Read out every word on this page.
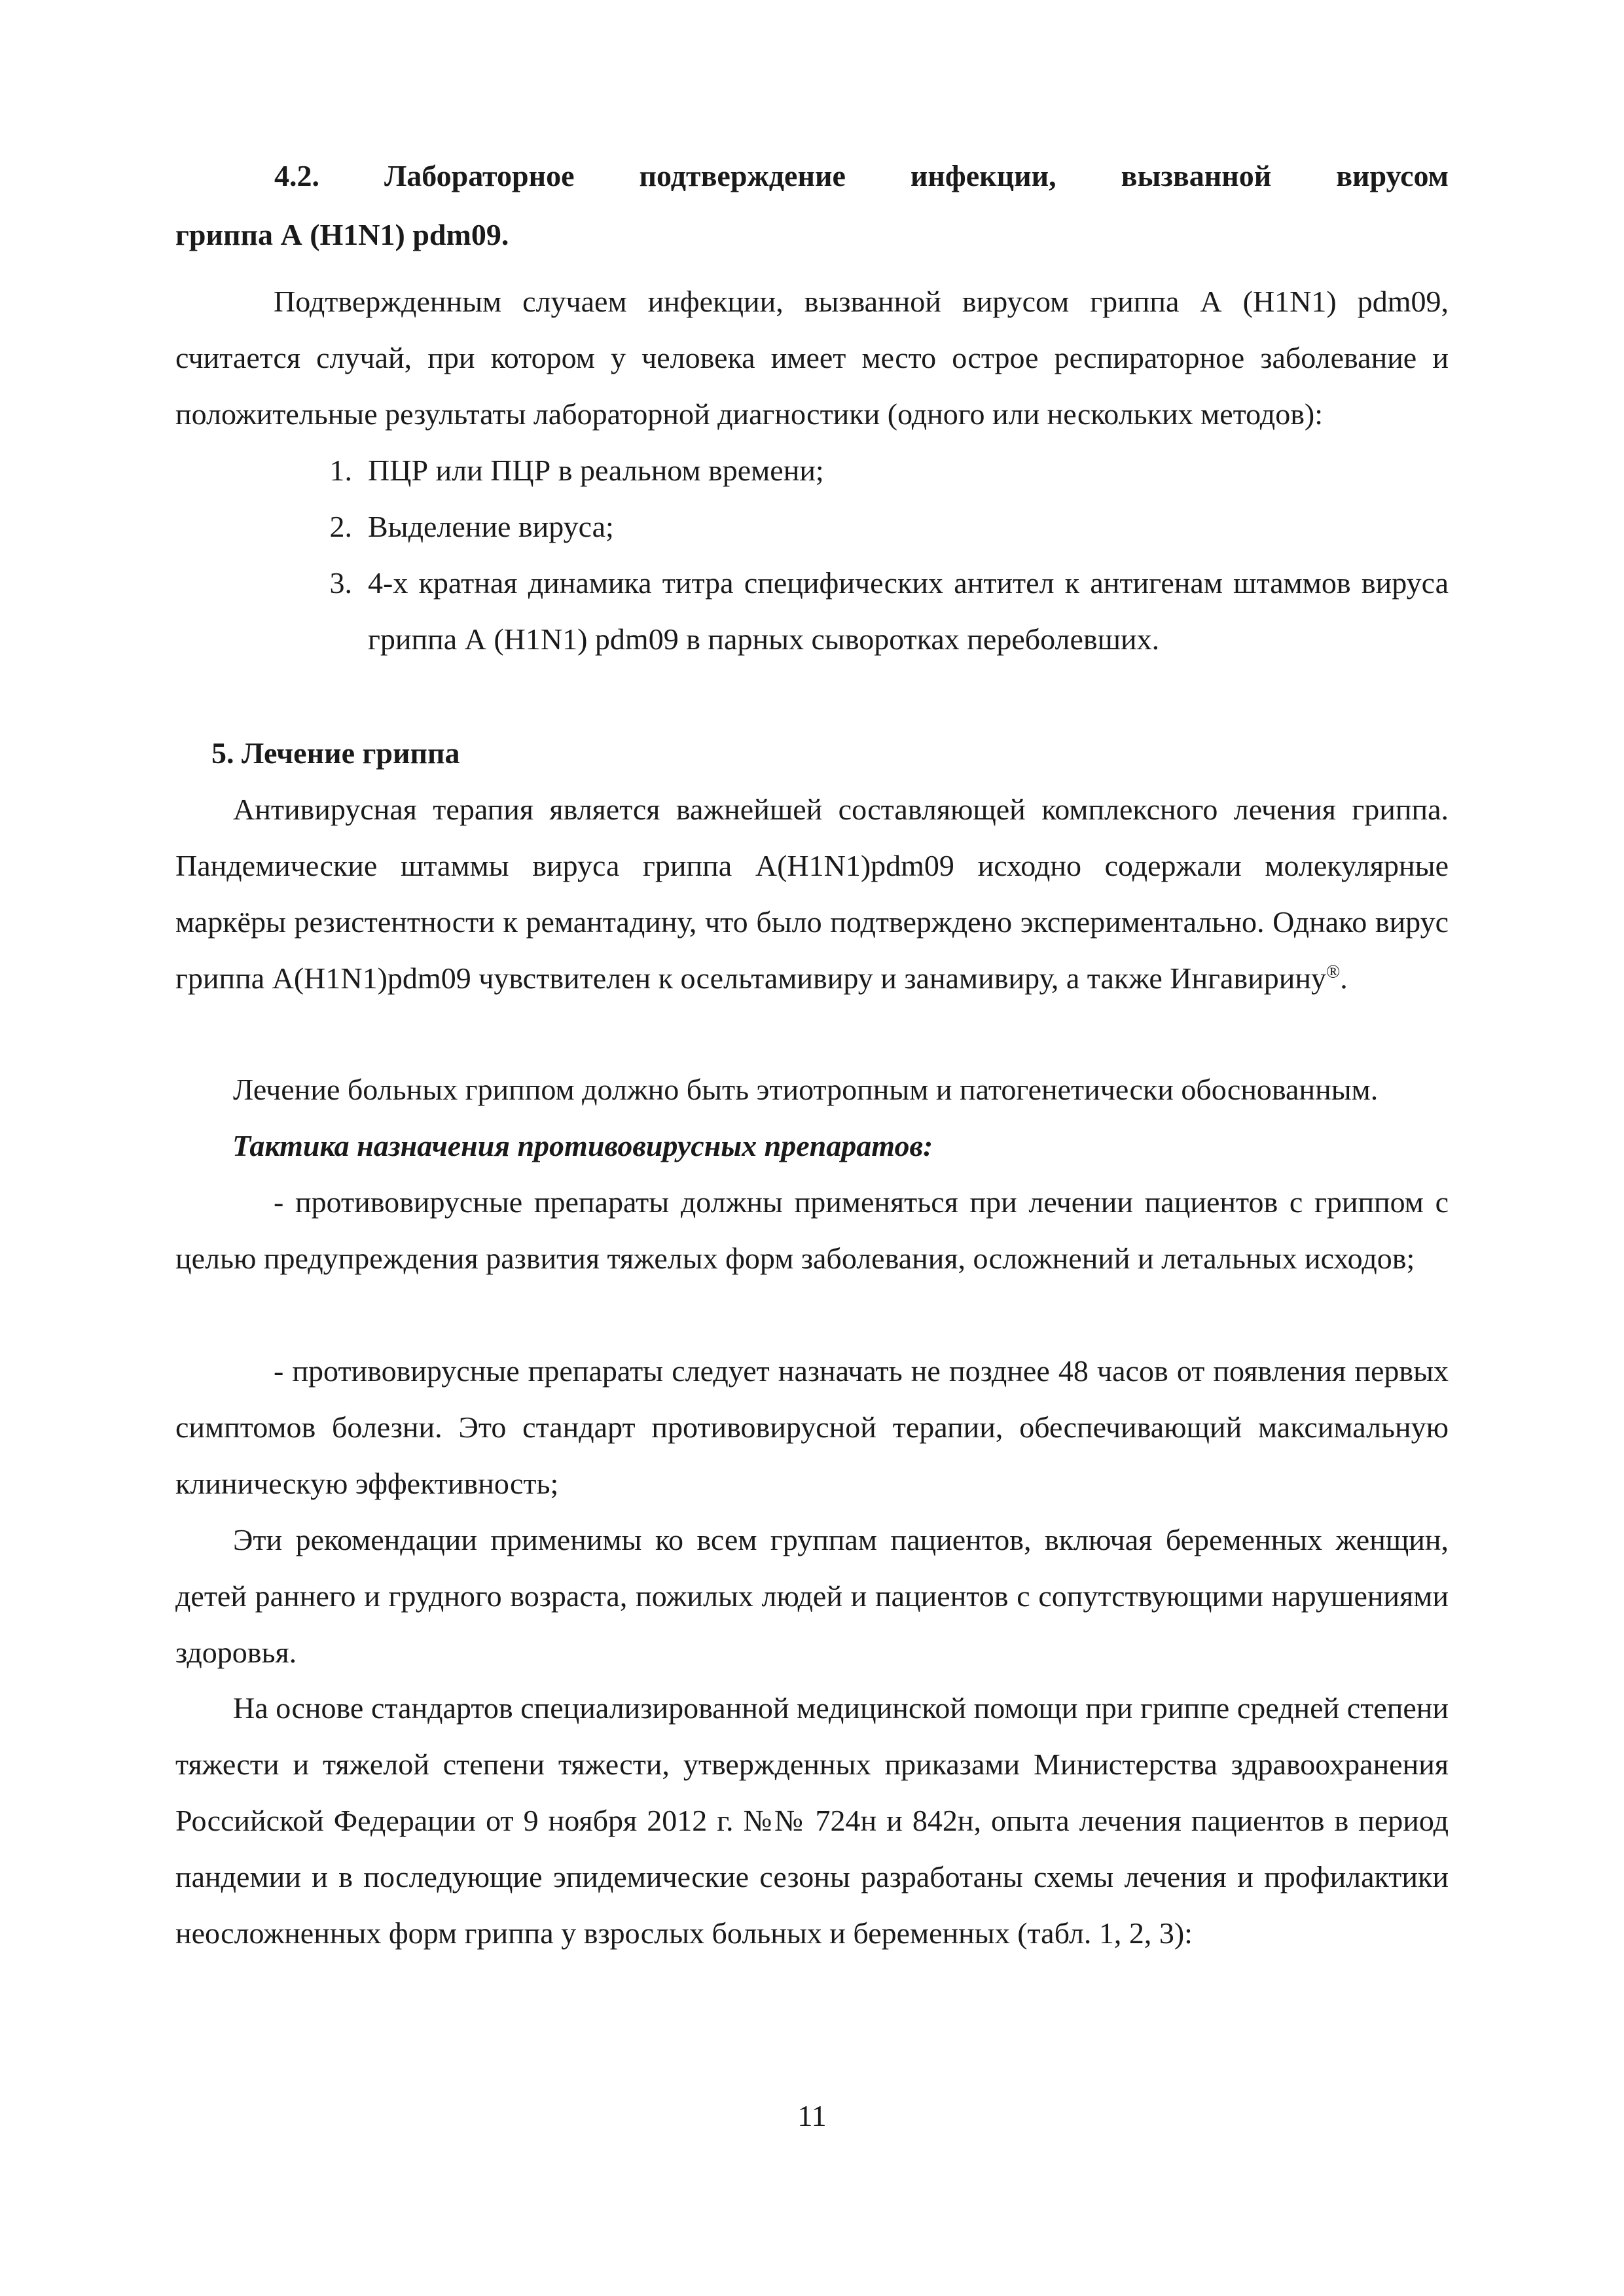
4.2. Лабораторное подтверждение инфекции, вызванной вирусом
гриппа А (H1N1) pdm09.

Подтвержденным случаем инфекции, вызванной вирусом гриппа А (H1N1) pdm09, считается случай, при котором у человека имеет место острое респираторное заболевание и положительные результаты лабораторной диагностики (одного или нескольких методов):

1. ПЦР или ПЦР в реальном времени;

2. Выделение вируса;

3. 4-х кратная динамика титра специфических антител к антигенам штаммов вируса гриппа А (H1N1) pdm09 в парных сыворотках переболевших.

5. Лечение гриппа

Антивирусная терапия является важнейшей составляющей комплексного лечения гриппа. Пандемические штаммы вируса гриппа А(H1N1)pdm09 исходно содержали молекулярные маркёры резистентности к ремантадину, что было подтверждено экспериментально. Однако вирус гриппа А(H1N1)pdm09 чувствителен к осельтамивиру и занамивиру, а также Ингавирину®.

Лечение больных гриппом должно быть этиотропным и патогенетически обоснованным.

Тактика назначения противовирусных препаратов:

- противовирусные препараты должны применяться при лечении пациентов с гриппом с целью предупреждения развития тяжелых форм заболевания, осложнений и летальных исходов;

- противовирусные препараты следует назначать не позднее 48 часов от появления первых симптомов болезни. Это стандарт противовирусной терапии, обеспечивающий максимальную клиническую эффективность;

Эти рекомендации применимы ко всем группам пациентов, включая беременных женщин, детей раннего и грудного возраста, пожилых людей и пациентов с сопутствующими нарушениями здоровья.

На основе стандартов специализированной медицинской помощи при гриппе средней степени тяжести и тяжелой степени тяжести, утвержденных приказами Министерства здравоохранения Российской Федерации от 9 ноября 2012 г. №№ 724н и 842н, опыта лечения пациентов в период пандемии и в последующие эпидемические сезоны разработаны схемы лечения и профилактики неосложненных форм гриппа у взрослых больных и беременных (табл. 1, 2, 3):

11
